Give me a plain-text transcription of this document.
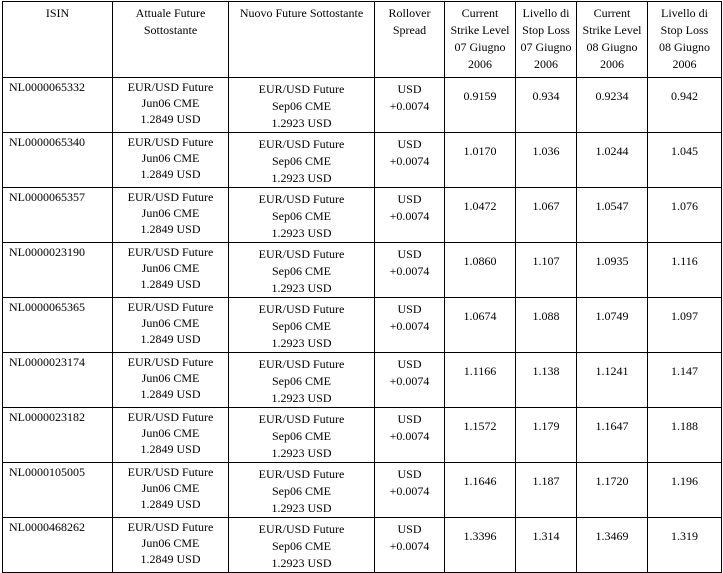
ISIN	Attuale Future
Sottostante	Nuovo Future Sottostante	Rollover
Spread	Current
Strike Level
07 Giugno
2006	Livello di
Stop Loss
07 Giugno
2006	Current
Strike Level
08 Giugno
2006	Livello di
Stop Loss
08 Giugno
2006

NL0000065332	EUR/USD Future
Jun06 CME
1.2849 USD	EUR/USD Future
Sep06 CME
1.2923 USD	USD
+0.0074	0.9159	0.934	0.9234	0.942

NL0000065340	EUR/USD Future
Jun06 CME
1.2849 USD	EUR/USD Future
Sep06 CME
1.2923 USD	USD
+0.0074	1.0170	1.036	1.0244	1.045

NL0000065357	EUR/USD Future
Jun06 CME
1.2849 USD	EUR/USD Future
Sep06 CME
1.2923 USD	USD
+0.0074	1.0472	1.067	1.0547	1.076

NL0000023190	EUR/USD Future
Jun06 CME
1.2849 USD	EUR/USD Future
Sep06 CME
1.2923 USD	USD
+0.0074	1.0860	1.107	1.0935	1.116

NL0000065365	EUR/USD Future
Jun06 CME
1.2849 USD	EUR/USD Future
Sep06 CME
1.2923 USD	USD
+0.0074	1.0674	1.088	1.0749	1.097

NL0000023174	EUR/USD Future
Jun06 CME
1.2849 USD	EUR/USD Future
Sep06 CME
1.2923 USD	USD
+0.0074	1.1166	1.138	1.1241	1.147

NL0000023182	EUR/USD Future
Jun06 CME
1.2849 USD	EUR/USD Future
Sep06 CME
1.2923 USD	USD
+0.0074	1.1572	1.179	1.1647	1.188

NL0000105005	EUR/USD Future
Jun06 CME
1.2849 USD	EUR/USD Future
Sep06 CME
1.2923 USD	USD
+0.0074	1.1646	1.187	1.1720	1.196

NL0000468262	EUR/USD Future
Jun06 CME
1.2849 USD	EUR/USD Future
Sep06 CME
1.2923 USD	USD
+0.0074	1.3396	1.314	1.3469	1.319
